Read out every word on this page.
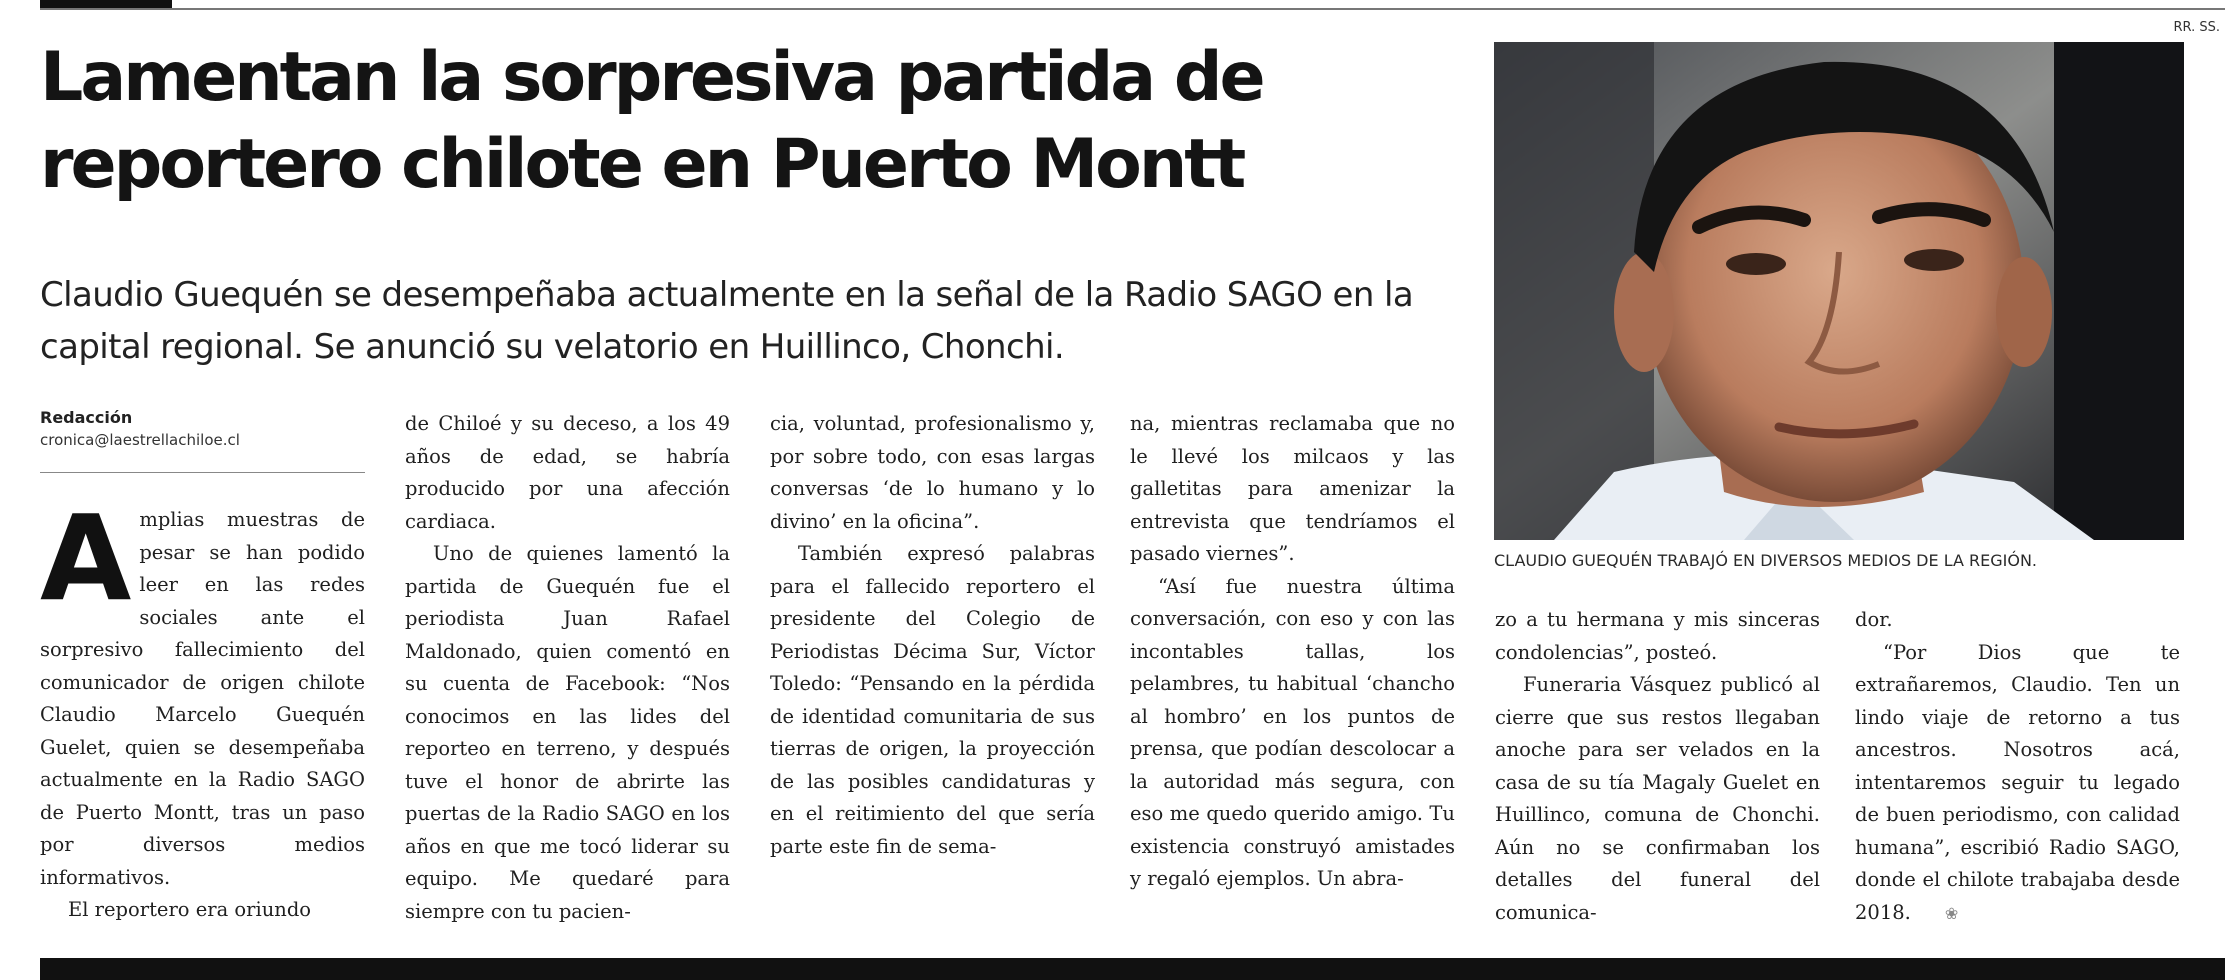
RR. SS.
Lamentan la sorpresiva partida de reportero chilote en Puerto Montt

Claudio Guequén se desempeñaba actualmente en la señal de la Radio SAGO en la capital regional. Se anunció su velatorio en Huillinco, Chonchi.

CLAUDIO GUEQUÉN TRABAJÓ EN DIVERSOS MEDIOS DE LA REGIÓN.
Redacción
cronica@laestrellachiloe.cl

Amplias muestras de pesar se han podido leer en las redes sociales ante el sorpresivo fallecimiento del comunicador de origen chilote Claudio Marcelo Guequén Guelet, quien se desempeñaba actualmente en la Radio SAGO de Puerto Montt, tras un paso por diversos medios informativos.

El reportero era oriundo

de Chiloé y su deceso, a los 49 años de edad, se habría producido por una afección cardiaca.

Uno de quienes lamentó la partida de Guequén fue el periodista Juan Rafael Maldonado, quien comentó en su cuenta de Facebook: “Nos conocimos en las lides del reporteo en terreno, y después tuve el honor de abrirte las puertas de la Radio SAGO en los años en que me tocó liderar su equipo. Me quedaré para siempre con tu pacien-

cia, voluntad, profesionalismo y, por sobre todo, con esas largas conversas ‘de lo humano y lo divino’ en la oficina”.

También expresó palabras para el fallecido reportero el presidente del Colegio de Periodistas Décima Sur, Víctor Toledo: “Pensando en la pérdida de identidad comunitaria de sus tierras de origen, la proyección de las posibles candidaturas y en el reitimiento del que sería parte este fin de sema-

na, mientras reclamaba que no le llevé los milcaos y las galletitas para amenizar la entrevista que tendríamos el pasado viernes”.

“Así fue nuestra última conversación, con eso y con las incontables tallas, los pelambres, tu habitual ‘chancho al hombro’ en los puntos de prensa, que podían descolocar a la autoridad más segura, con eso me quedo querido amigo. Tu existencia construyó amistades y regaló ejemplos. Un abra-

zo a tu hermana y mis sinceras condolencias”, posteó.

Funeraria Vásquez publicó al cierre que sus restos llegaban anoche para ser velados en la casa de su tía Magaly Guelet en Huillinco, comuna de Chonchi. Aún no se confirmaban los detalles del funeral del comunica-

dor.

“Por Dios que te extrañaremos, Claudio. Ten un lindo viaje de retorno a tus ancestros. Nosotros acá, intentaremos seguir tu legado de buen periodismo, con calidad humana”, escribió Radio SAGO, donde el chilote trabajaba desde 2018. ❀
